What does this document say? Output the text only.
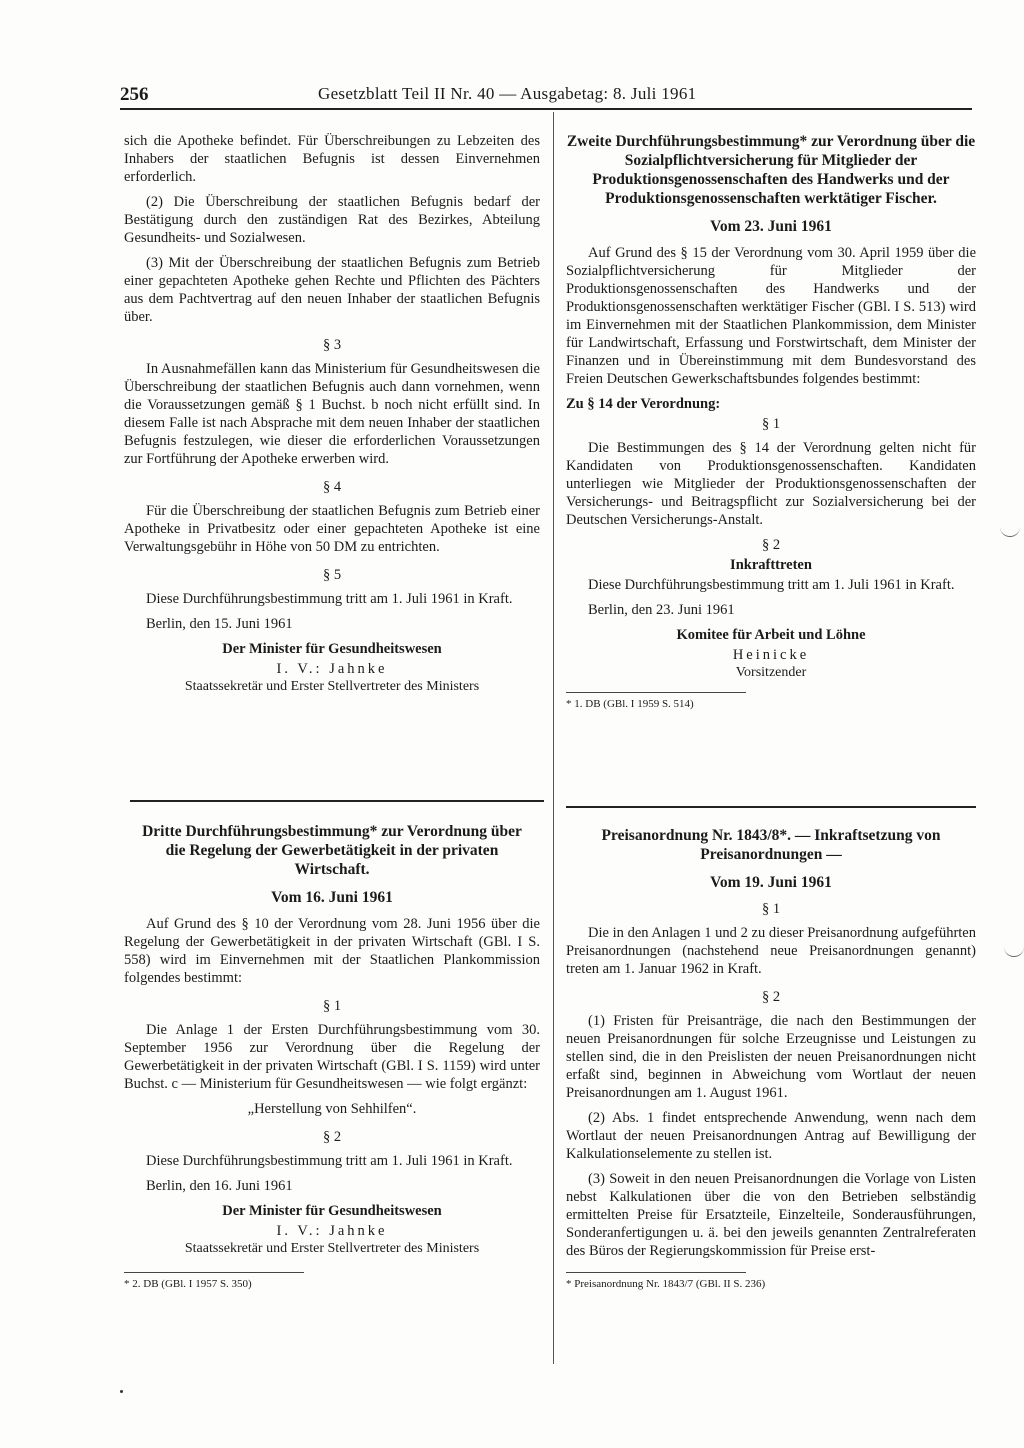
256	Gesetzblatt Teil II Nr. 40 — Ausgabetag: 8. Juli 1961

sich die Apotheke befindet. Für Überschreibungen zu Lebzeiten des Inhabers der staatlichen Befugnis ist dessen Einvernehmen erforderlich.

(2) Die Überschreibung der staatlichen Befugnis bedarf der Bestätigung durch den zuständigen Rat des Bezirkes, Abteilung Gesundheits- und Sozialwesen.

(3) Mit der Überschreibung der staatlichen Befugnis zum Betrieb einer gepachteten Apotheke gehen Rechte und Pflichten des Pächters aus dem Pachtvertrag auf den neuen Inhaber der staatlichen Befugnis über.

§ 3

In Ausnahmefällen kann das Ministerium für Gesundheitswesen die Überschreibung der staatlichen Befugnis auch dann vornehmen, wenn die Voraussetzungen gemäß § 1 Buchst. b noch nicht erfüllt sind. In diesem Falle ist nach Absprache mit dem neuen Inhaber der staatlichen Befugnis festzulegen, wie dieser die erforderlichen Voraussetzungen zur Fortführung der Apotheke erwerben wird.

§ 4

Für die Überschreibung der staatlichen Befugnis zum Betrieb einer Apotheke in Privatbesitz oder einer gepachteten Apotheke ist eine Verwaltungsgebühr in Höhe von 50 DM zu entrichten.

§ 5

Diese Durchführungsbestimmung tritt am 1. Juli 1961 in Kraft.

Berlin, den 15. Juni 1961

Der Minister für Gesundheitswesen
I. V.: Jahnke
Staatssekretär und Erster Stellvertreter des Ministers
Dritte Durchführungsbestimmung* zur Verordnung über die Regelung der Gewerbetätigkeit in der privaten Wirtschaft.
Vom 16. Juni 1961

Auf Grund des § 10 der Verordnung vom 28. Juni 1956 über die Regelung der Gewerbetätigkeit in der privaten Wirtschaft (GBl. I S. 558) wird im Einvernehmen mit der Staatlichen Plankommission folgendes bestimmt:

§ 1

Die Anlage 1 der Ersten Durchführungsbestimmung vom 30. September 1956 zur Verordnung über die Regelung der Gewerbetätigkeit in der privaten Wirtschaft (GBl. I S. 1159) wird unter Buchst. c — Ministerium für Gesundheitswesen — wie folgt ergänzt:

„Herstellung von Sehhilfen“.
§ 2

Diese Durchführungsbestimmung tritt am 1. Juli 1961 in Kraft.

Berlin, den 16. Juni 1961

Der Minister für Gesundheitswesen
I. V.: Jahnke
Staatssekretär und Erster Stellvertreter des Ministers

* 2. DB (GBl. I 1957 S. 350)

Zweite Durchführungsbestimmung* zur Verordnung über die Sozialpflichtversicherung für Mitglieder der Produktionsgenossenschaften des Handwerks und der Produktionsgenossenschaften werktätiger Fischer.
Vom 23. Juni 1961

Auf Grund des § 15 der Verordnung vom 30. April 1959 über die Sozialpflichtversicherung für Mitglieder der Produktionsgenossenschaften des Handwerks und der Produktionsgenossenschaften werktätiger Fischer (GBl. I S. 513) wird im Einvernehmen mit der Staatlichen Plankommission, dem Minister für Landwirtschaft, Erfassung und Forstwirtschaft, dem Minister der Finanzen und in Übereinstimmung mit dem Bundesvorstand des Freien Deutschen Gewerkschaftsbundes folgendes bestimmt:

Zu § 14 der Verordnung:
§ 1

Die Bestimmungen des § 14 der Verordnung gelten nicht für Kandidaten von Produktionsgenossenschaften. Kandidaten unterliegen wie Mitglieder der Produktionsgenossenschaften der Versicherungs- und Beitragspflicht zur Sozialversicherung bei der Deutschen Versicherungs-Anstalt.

§ 2
Inkrafttreten

Diese Durchführungsbestimmung tritt am 1. Juli 1961 in Kraft.

Berlin, den 23. Juni 1961

Komitee für Arbeit und Löhne
Heinicke
Vorsitzender

* 1. DB (GBl. I 1959 S. 514)

Preisanordnung Nr. 1843/8*. — Inkraftsetzung von Preisanordnungen —
Vom 19. Juni 1961
§ 1

Die in den Anlagen 1 und 2 zu dieser Preisanordnung aufgeführten Preisanordnungen (nachstehend neue Preisanordnungen genannt) treten am 1. Januar 1962 in Kraft.

§ 2

(1) Fristen für Preisanträge, die nach den Bestimmungen der neuen Preisanordnungen für solche Erzeugnisse und Leistungen zu stellen sind, die in den Preislisten der neuen Preisanordnungen nicht erfaßt sind, beginnen in Abweichung vom Wortlaut der neuen Preisanordnungen am 1. August 1961.

(2) Abs. 1 findet entsprechende Anwendung, wenn nach dem Wortlaut der neuen Preisanordnungen Antrag auf Bewilligung der Kalkulationselemente zu stellen ist.

(3) Soweit in den neuen Preisanordnungen die Vorlage von Listen nebst Kalkulationen über die von den Betrieben selbständig ermittelten Preise für Ersatzteile, Einzelteile, Sonderausführungen, Sonderanfertigungen u. ä. bei den jeweils genannten Zentralreferaten des Büros der Regierungskommission für Preise erst-

* Preisanordnung Nr. 1843/7 (GBl. II S. 236)
